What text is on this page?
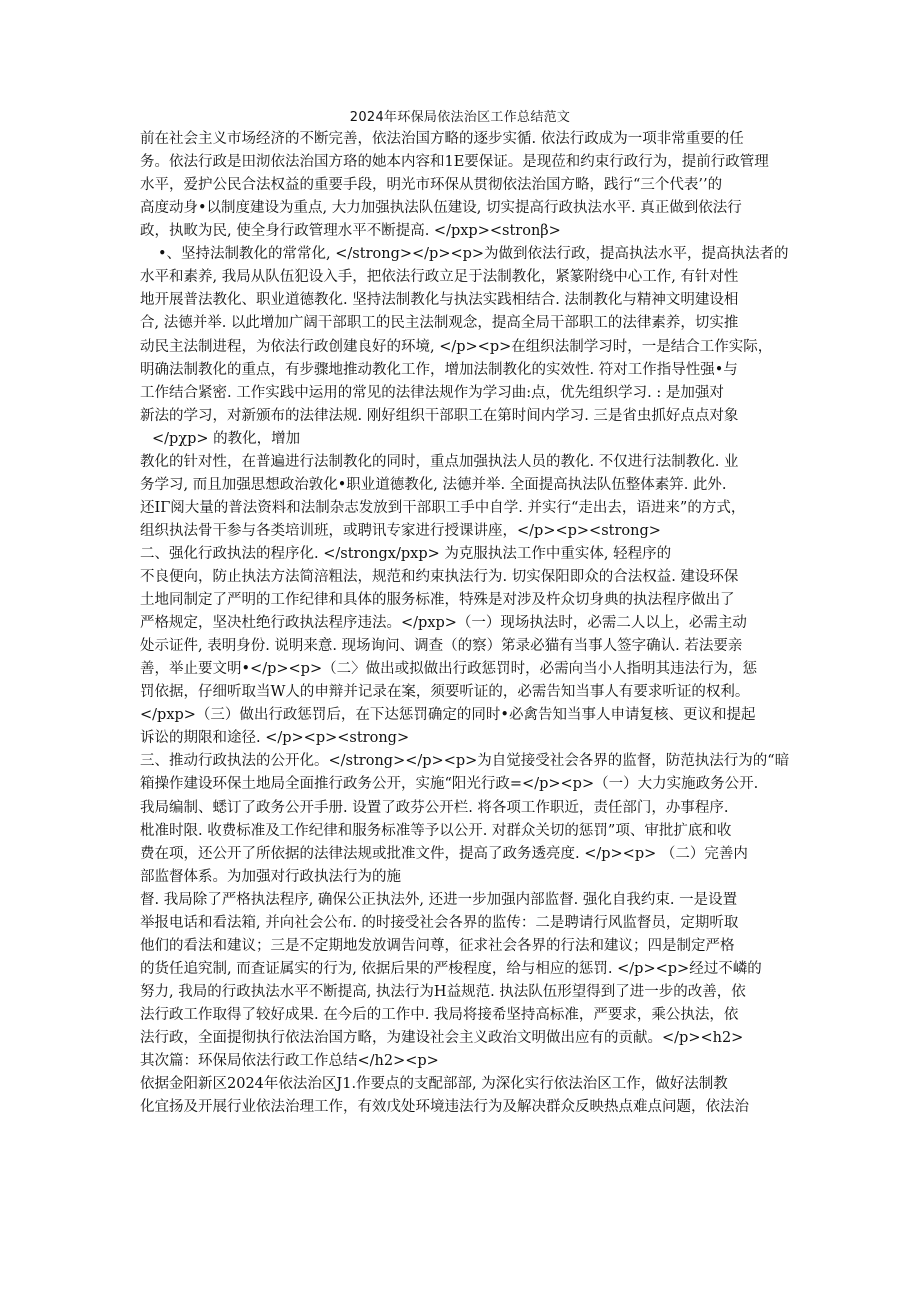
2024年环保局依法治区工作总结范文
前在社会主义市场经济的不断完善，依法治国方略的逐步实循. 依法行政成为一项非常重要的任
务。依法行政是田沏依法治国方珞的她本内容和1E要保证。是现莅和约束行政行为，提前行政管理
水平，爱护公民合法权益的重要手段，明光市环保从贯彻依法治国方略，践行“三个代表’’的
高度动身•以制度建设为重点, 大力加强执法队伍建设, 切实提高行政执法水平. 真正做到依法行
政，执畋为民, 使全身行政管理水平不断提高. </pxp><stronβ>
•、坚持法制教化的常常化, </strong></p><p>为做到依法行政，提高执法水平，提高执法者的
水平和素养, 我局从队伍犯设入手，把依法行政立足于法制教化，紧篆附绕中心工作, 有针对性
地开展普法教化、职业道德教化. 坚持法制教化与执法实践相结合. 法制教化与精神文明建设相
合, 法德并举. 以此增加广阔干部职工的民主法制观念，提高全局干部职工的法律素养，切实推
动民主法制进程，为依法行政创建良好的环境, </p><p>在组织法制学习时，一是结合工作实际，
明确法制教化的重点，有步骤地推动教化工作，增加法制教化的实效性. 符对工作指导性强•与
工作结合紧密. 工作实践中运用的常见的法律法规作为学习曲:点，优先组织学习. : 是加强对
新法的学习，对新颁布的法律法规. 刚好组织干部职工在第时间内学习. 三是省虫抓好点点对象
</pχp> 的教化，增加
教化的针对性，在普遍进行法制教化的同时，重点加强执法人员的教化. 不仅进行法制教化. 业
务学习, 而且加强思想政治敦化•职业道德教化, 法德并举. 全面提高执法队伍整体素笄. 此外.
还ΙΓ阅大量的普法资料和法制杂志发放到干部职工手中自学. 并实行“走出去，语进来”的方式，
组织执法骨干参与各类培训班，或聘讯专家进行授课讲座，</p><p><strong>
二、强化行政执法的程序化. </strongx/pxp> 为克服执法工作中重实体, 轻程序的
不良便向，防止执法方法简涪粗法，规范和约束执法行为. 切实保阳即众的合法权益. 建设环保
土地同制定了严明的工作纪律和具体的服务标准，特殊是对涉及杵众切身典的执法程序做出了
严格规定，坚决杜绝行政执法程序违法。</pxp>（一）现场执法时，必需二人以上，必需主动
处示证件, 表明身份. 说明来意. 现场询问、调查（的察）笫录必猫有当事人签字确认. 若法要亲
善，举止要文明•</p><p>（二〉做出或拟做出行政惩罚时，必需向当小人指明其违法行为，惩
罚依据，仔细听取当W人的申辩并记录在案，须要听证的，必需告知当事人有要求听证的权利。
</pxp>（三）做出行政惩罚后，在下达惩罚确定的同时•必禽告知当事人申请复核、更议和提起
诉讼的期限和途径. </p><p><strong>
三、推动行政执法的公开化。</strong></p><p>为自觉接受社会各界的监督，防范执法行为的“暗
箱操作建设环保土地局全面推行政务公开，实施“阳光行政=</p><p>（一）大力实施政务公开.
我局编制、蟋订了政务公开手册. 设置了政芬公开栏. 将各项工作职近，责任部门，办事程序.
枇准时限. 收费标准及工作纪律和服务标准等予以公开. 对群众关切的惩罚”项、审批扩底和收
费在项，还公开了所依据的法律法规或批准文件，提高了政务透亮度. </p><p> （二）完善内
部监督体系。为加强对行政执法行为的施
督. 我局除了严格执法程序, 确保公正执法外, 还进一步加强内部监督. 强化自我约束. 一是设置
举报电话和看法箱, 并向社会公布. 的时接受社会各界的监传：二是聘请行风监督员，定期听取
他们的看法和建议；三是不定期地发放调告问尊，征求社会各界的行法和建议；四是制定严格
的货任追究制, 而査证属实的行为, 依据后果的严梭程度，给与相应的惩罚. </p><p>经过不嶙的
努力, 我局的行政执法水平不断提高, 执法行为H益规范. 执法队伍形望得到了进一步的改善，依
法行政工作取得了较好成果. 在今后的工作中. 我局将接希坚持高标准，严要求，乘公执法，依
法行政，全面提彻执行依法治国方略，为建设社会主义政治文明做出应有的贡献。</p><h2>
其次篇：环保局依法行政工作总结</h2><p>
依据金阳新区2024年依法治区J1.作要点的支配部部, 为深化实行依法治区工作，做好法制教
化宜扬及开展行业依法治理工作，有效戊处环境违法行为及解决群众反映热点难点问题，依法治
